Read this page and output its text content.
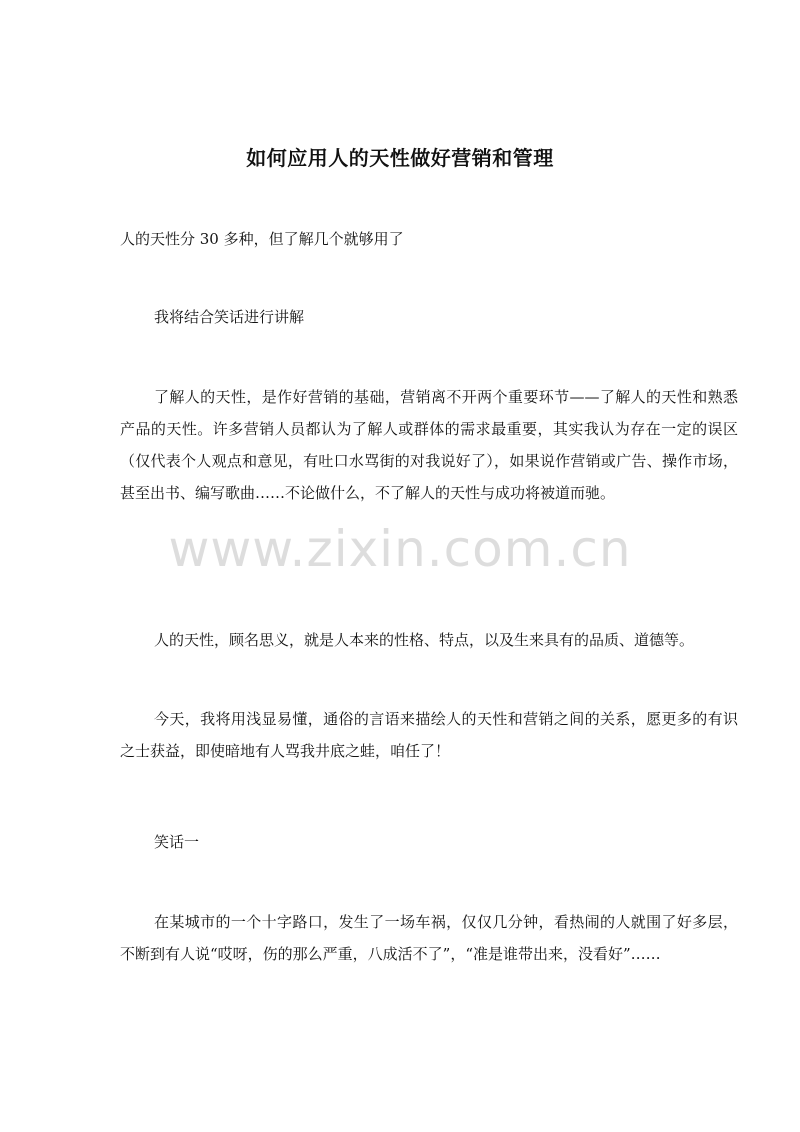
如何应用人的天性做好营销和管理
人的天性分 30 多种，但了解几个就够用了
我将结合笑话进行讲解
了解人的天性，是作好营销的基础，营销离不开两个重要环节——了解人的天性和熟悉产品的天性。许多营销人员都认为了解人或群体的需求最重要，其实我认为存在一定的误区（仅代表个人观点和意见，有吐口水骂街的对我说好了），如果说作营销或广告、操作市场，甚至出书、编写歌曲……不论做什么，不了解人的天性与成功将被道而驰。
人的天性，顾名思义，就是人本来的性格、特点，以及生来具有的品质、道德等。
今天，我将用浅显易懂，通俗的言语来描绘人的天性和营销之间的关系，愿更多的有识之士获益，即使暗地有人骂我井底之蛙，咱任了！
笑话一
在某城市的一个十字路口，发生了一场车祸，仅仅几分钟，看热闹的人就围了好多层，不断到有人说“哎呀，伤的那么严重，八成活不了”，“准是谁带出来，没看好”……
www.zixin.com.cn
